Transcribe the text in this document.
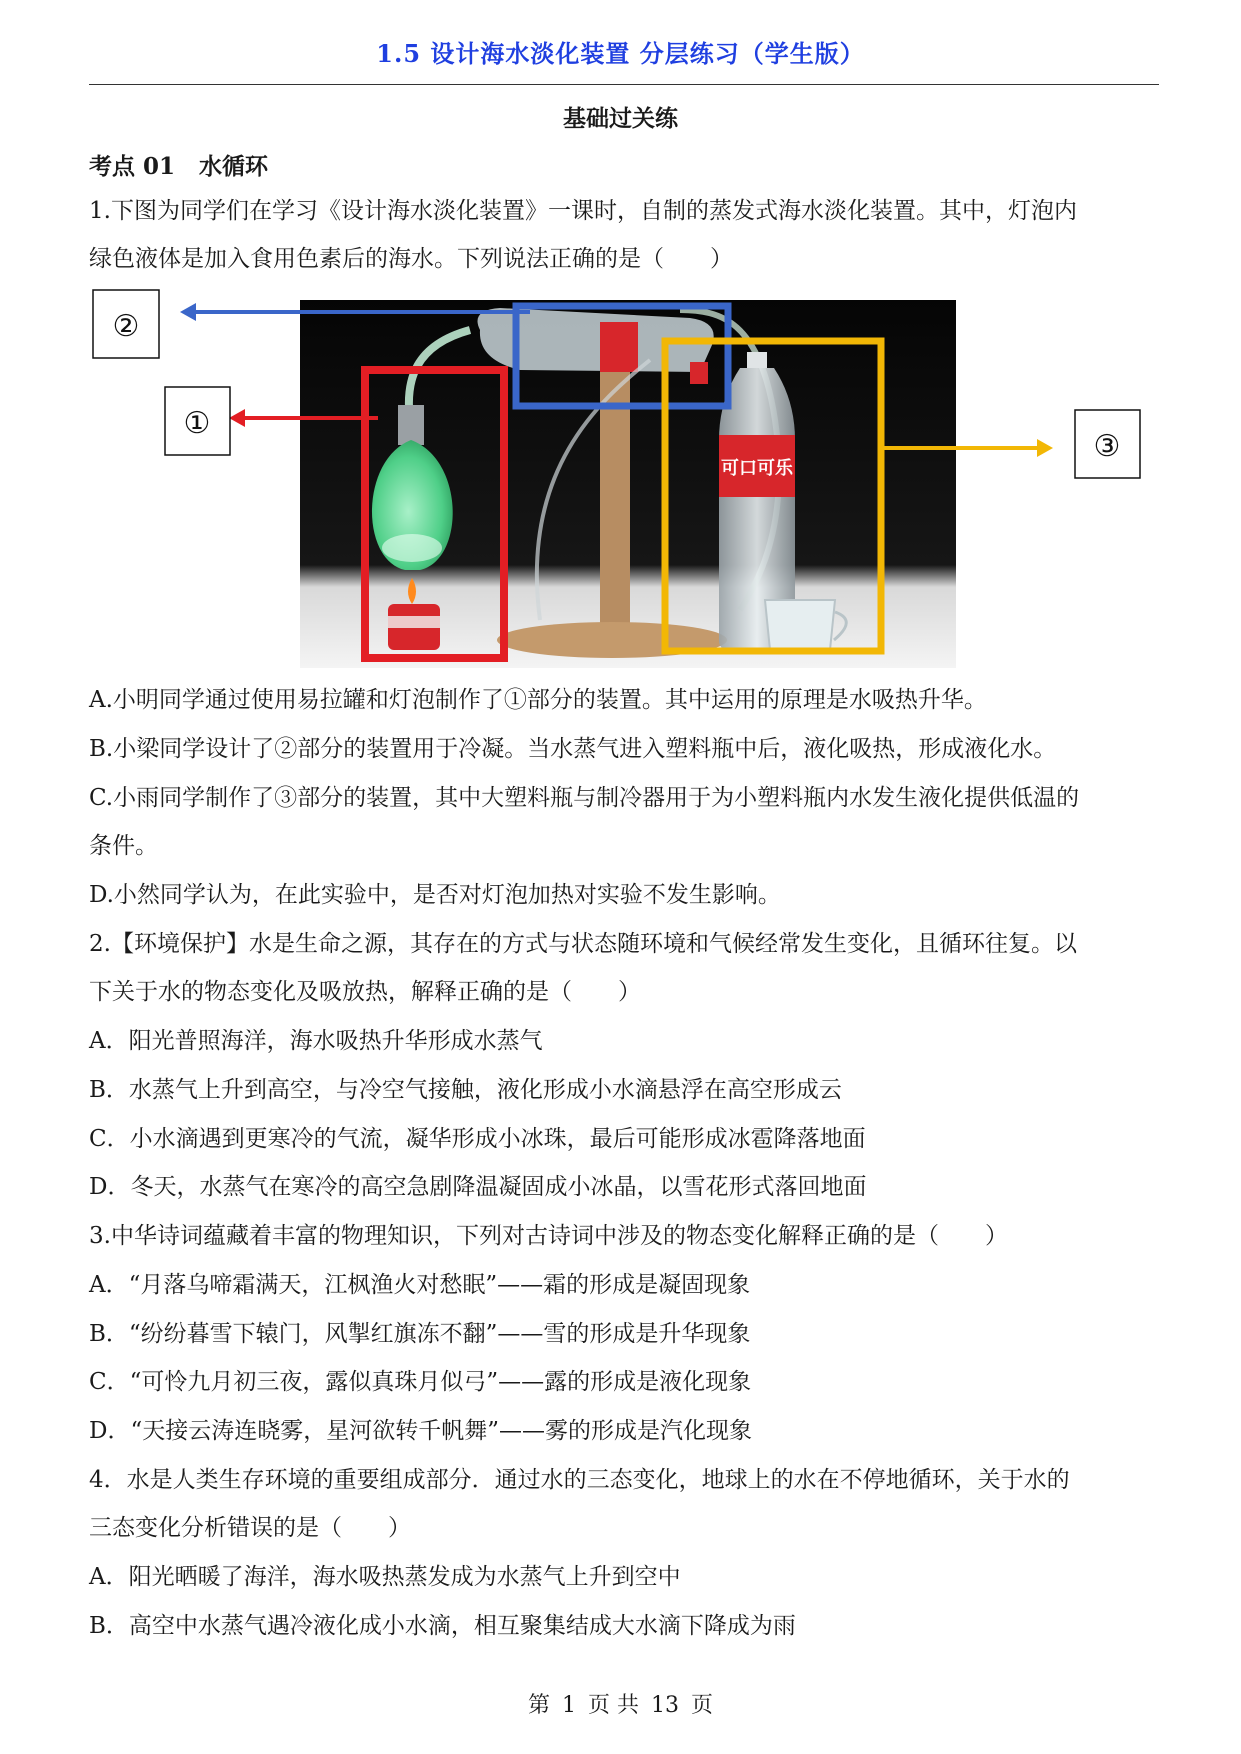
1.5 设计海水淡化装置 分层练习（学生版）
基础过关练
考点 01 水循环
1.下图为同学们在学习《设计海水淡化装置》一课时，自制的蒸发式海水淡化装置。其中，灯泡内
绿色液体是加入食用色素后的海水。下列说法正确的是（　　）
可口可乐
②
①
③
A.小明同学通过使用易拉罐和灯泡制作了①部分的装置。其中运用的原理是水吸热升华。
B.小梁同学设计了②部分的装置用于冷凝。当水蒸气进入塑料瓶中后，液化吸热，形成液化水。
C.小雨同学制作了③部分的装置，其中大塑料瓶与制冷器用于为小塑料瓶内水发生液化提供低温的
条件。
D.小然同学认为，在此实验中，是否对灯泡加热对实验不发生影响。
2.【环境保护】水是生命之源，其存在的方式与状态随环境和气候经常发生变化，且循环往复。以
下关于水的物态变化及吸放热，解释正确的是（　　）
A．阳光普照海洋，海水吸热升华形成水蒸气
B．水蒸气上升到高空，与冷空气接触，液化形成小水滴悬浮在高空形成云
C．小水滴遇到更寒冷的气流，凝华形成小冰珠，最后可能形成冰雹降落地面
D．冬天，水蒸气在寒冷的高空急剧降温凝固成小冰晶，以雪花形式落回地面
3.中华诗词蕴藏着丰富的物理知识，下列对古诗词中涉及的物态变化解释正确的是（　　）
A．“月落乌啼霜满天，江枫渔火对愁眠”——霜的形成是凝固现象
B．“纷纷暮雪下辕门，风掣红旗冻不翻”——雪的形成是升华现象
C．“可怜九月初三夜，露似真珠月似弓”——露的形成是液化现象
D．“天接云涛连晓雾，星河欲转千帆舞”——雾的形成是汽化现象
4．水是人类生存环境的重要组成部分．通过水的三态变化，地球上的水在不停地循环，关于水的
三态变化分析错误的是（　　）
A．阳光晒暖了海洋，海水吸热蒸发成为水蒸气上升到空中
B．高空中水蒸气遇冷液化成小水滴，相互聚集结成大水滴下降成为雨
第 1 页 共 13 页
